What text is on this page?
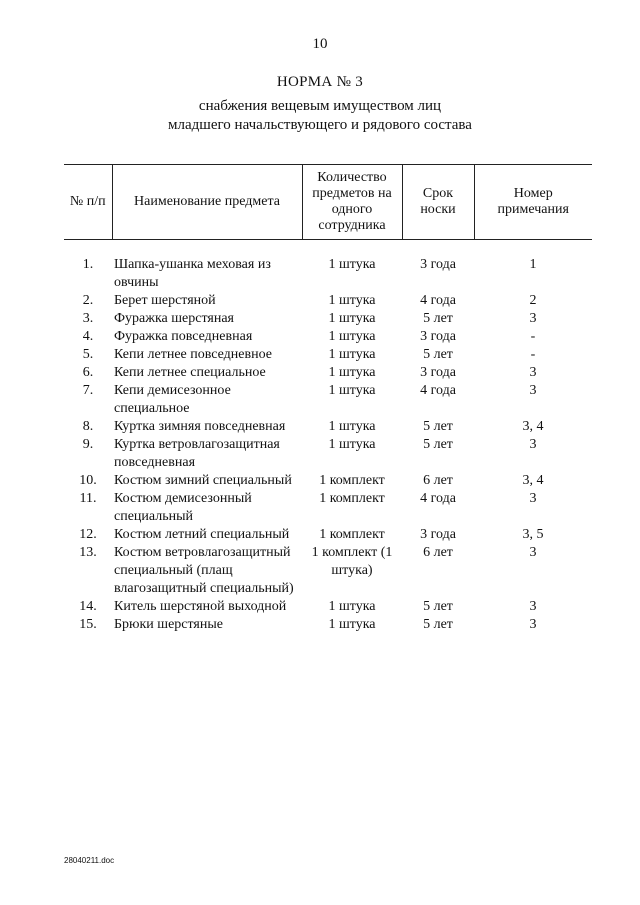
10
НОРМА № 3
снабжения вещевым имуществом лиц
младшего начальствующего и рядового состава
№ п/п	Наименование предмета	Количество предметов на одного сотрудника	Срок носки	Номер примечания
1.	Шапка-ушанка меховая из овчины	1 штука	3 года	1
2.	Берет шерстяной	1 штука	4 года	2
3.	Фуражка шерстяная	1 штука	5 лет	3
4.	Фуражка повседневная	1 штука	3 года	-
5.	Кепи летнее повседневное	1 штука	5 лет	-
6.	Кепи летнее специальное	1 штука	3 года	3
7.	Кепи демисезонное специальное	1 штука	4 года	3
8.	Куртка зимняя повседневная	1 штука	5 лет	3, 4
9.	Куртка ветровлагозащитная повседневная	1 штука	5 лет	3
10.	Костюм зимний специальный	1 комплект	6 лет	3, 4
11.	Костюм демисезонный специальный	1 комплект	4 года	3
12.	Костюм летний специальный	1 комплект	3 года	3, 5
13.	Костюм ветровлагозащитный специальный (плащ влагозащитный специальный)	1 комплект (1 штука)	6 лет	3
14.	Китель шерстяной выходной	1 штука	5 лет	3
15.	Брюки шерстяные	1 штука	5 лет	3
28040211.doc
